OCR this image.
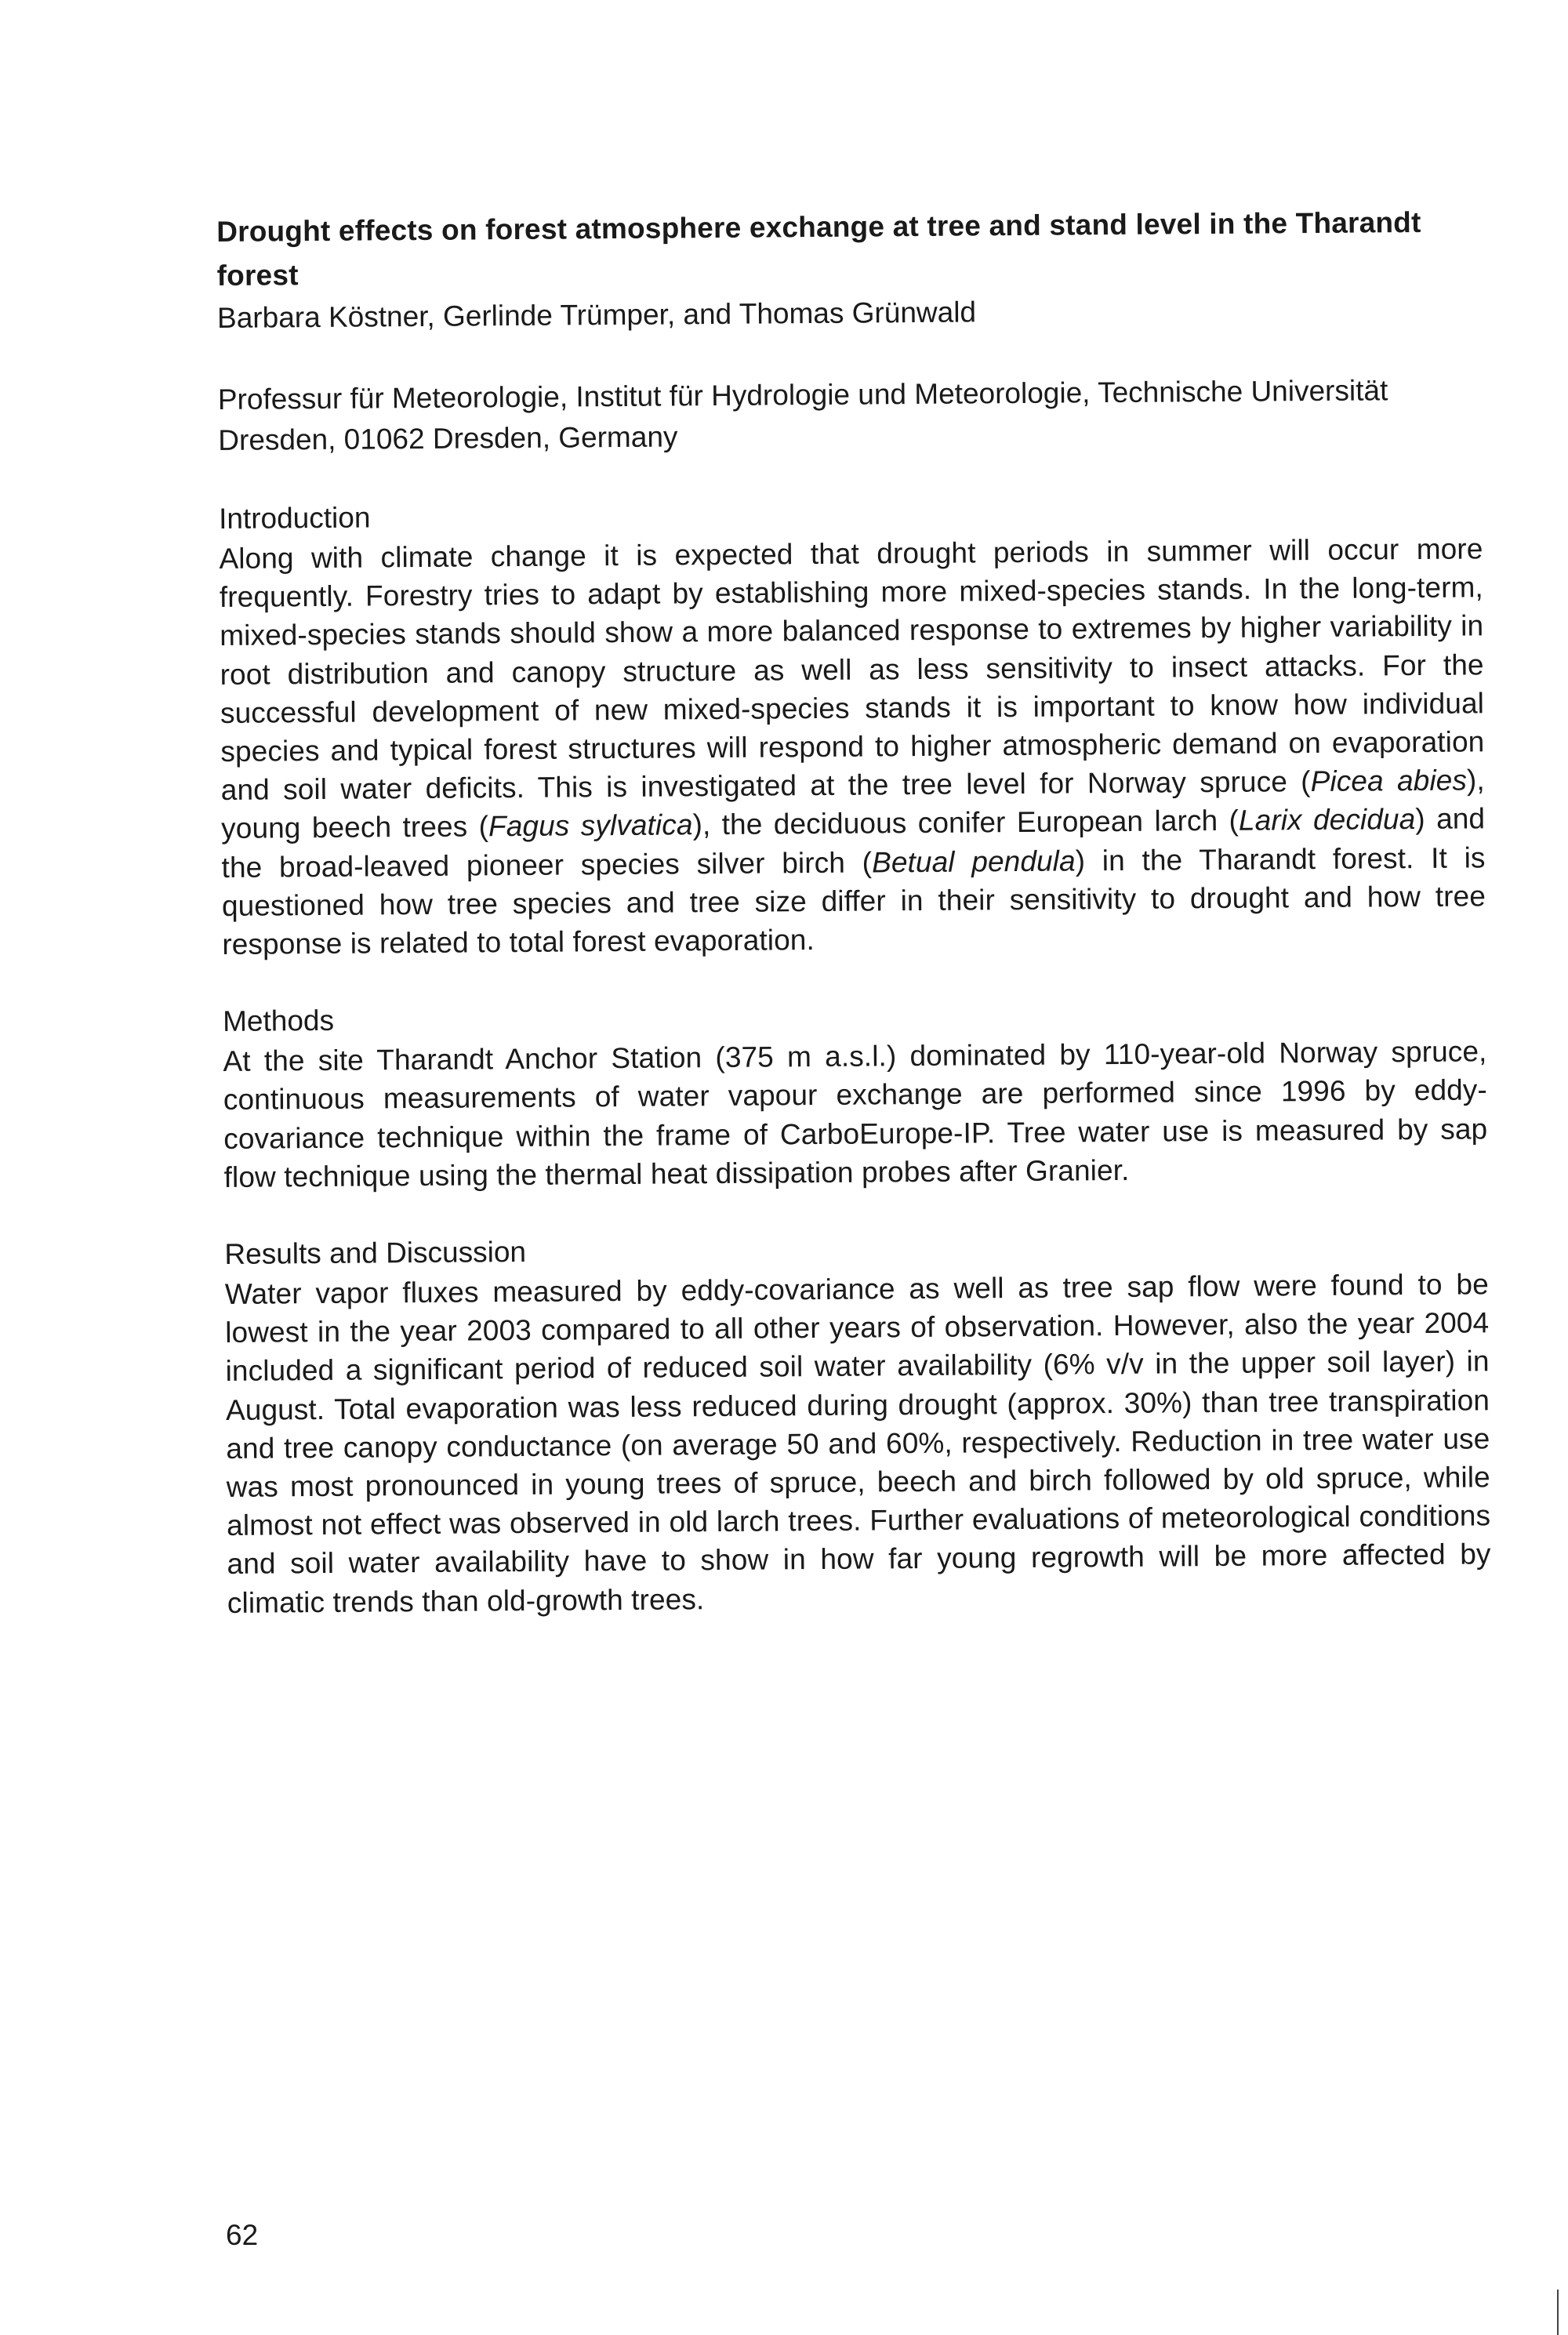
Drought effects on forest atmosphere exchange at tree and stand level in the Tharandt forest

Barbara Köstner, Gerlinde Trümper, and Thomas Grünwald

Professur für Meteorologie, Institut für Hydrologie und Meteorologie, Technische Universität Dresden, 01062 Dresden, Germany

Introduction

Along with climate change it is expected that drought periods in summer will occur more frequently. Forestry tries to adapt by establishing more mixed-species stands. In the long-term, mixed-species stands should show a more balanced response to extremes by higher variability in root distribution and canopy structure as well as less sensitivity to insect attacks. For the successful development of new mixed-species stands it is important to know how individual species and typical forest structures will respond to higher atmospheric demand on evaporation and soil water deficits. This is investigated at the tree level for Norway spruce (Picea abies), young beech trees (Fagus sylvatica), the deciduous conifer European larch (Larix decidua) and the broad-leaved pioneer species silver birch (Betual pendula) in the Tharandt forest. It is questioned how tree species and tree size differ in their sensitivity to drought and how tree response is related to total forest evaporation.

Methods

At the site Tharandt Anchor Station (375 m a.s.l.) dominated by 110-year-old Norway spruce, continuous measurements of water vapour exchange are performed since 1996 by eddy-covariance technique within the frame of CarboEurope-IP. Tree water use is measured by sap flow technique using the thermal heat dissipation probes after Granier.

Results and Discussion

Water vapor fluxes measured by eddy-covariance as well as tree sap flow were found to be lowest in the year 2003 compared to all other years of observation. However, also the year 2004 included a significant period of reduced soil water availability (6% v/v in the upper soil layer) in August. Total evaporation was less reduced during drought (approx. 30%) than tree transpiration and tree canopy conductance (on average 50 and 60%, respectively. Reduction in tree water use was most pronounced in young trees of spruce, beech and birch followed by old spruce, while almost not effect was observed in old larch trees. Further evaluations of meteorological conditions and soil water availability have to show in how far young regrowth will be more affected by climatic trends than old-growth trees.

62
